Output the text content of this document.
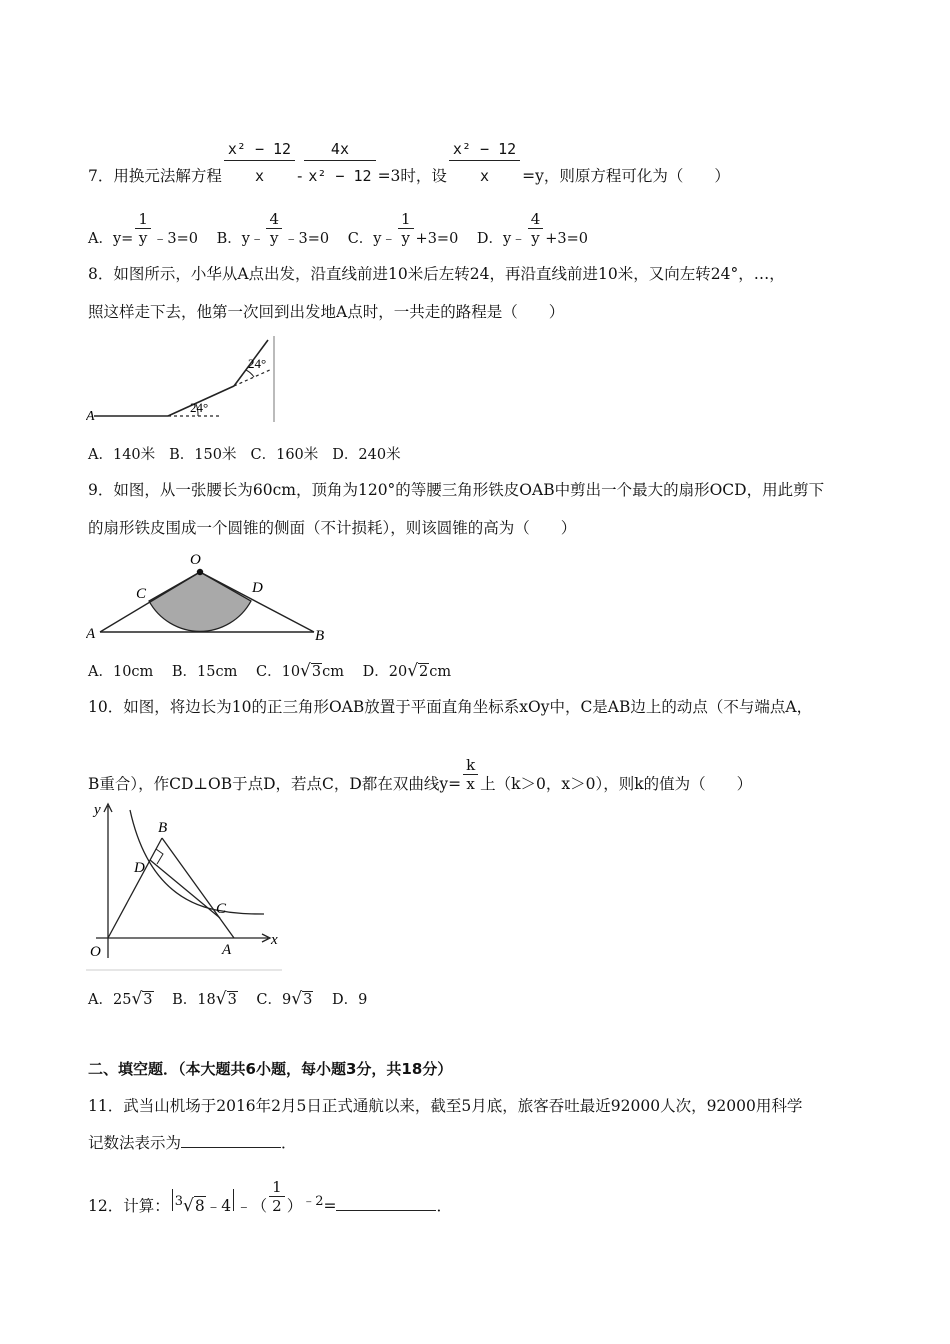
7．用换元法解方程 $\frac{\text{x² − 12}}{x} - \frac{4x}{\text{x² − 12}} =3$时，设 $\frac{\text{x² − 12}}{x} =y$，则原方程可化为（　　）
A．$y= \frac{1}{y}$ ﹣3=0 B．y﹣ $\frac{4}{y}$ ﹣3=0 C．y﹣ $\frac{1}{y} +3=0$ D．y﹣ $\frac{4}{y} +3=0$
8．如图所示，小华从A点出发，沿直线前进10米后左转24，再沿直线前进10米，又向左转24°，…，
照这样走下去，他第一次回到出发地A点时，一共走的路程是（　　）
A
24°
24°
A．140米 B．150米 C．160米 D．240米
9．如图，从一张腰长为60cm，顶角为120°的等腰三角形铁皮OAB中剪出一个最大的扇形OCD，用此剪下
的扇形铁皮围成一个圆锥的侧面（不计损耗），则该圆锥的高为（　　）
O
A	B
C	D
A．10cm B．15cm C．10√3cm D．20√2cm
10．如图，将边长为10的正三角形OAB放置于平面直角坐标系xOy中，C是AB边上的动点（不与端点A，
B重合），作CD⊥OB于点D，若点C，D都在双曲线$y= \frac{k}{x}$ 上（k＞0，x＞0），则k的值为（　　）
y
x
O	A
B
C
D
A．25√3 B．18√3 C．9√3 D．9
二、填空题．（本大题共6小题，每小题3分，共18分）
11．武当山机场于2016年2月5日正式通航以来，截至5月底，旅客吞吐最近92000人次，92000用科学
记数法表示为	．
12．计算： $^3$√8﹣4 ﹣（ $\frac{1}{2} )^{﹣2}=$	．
